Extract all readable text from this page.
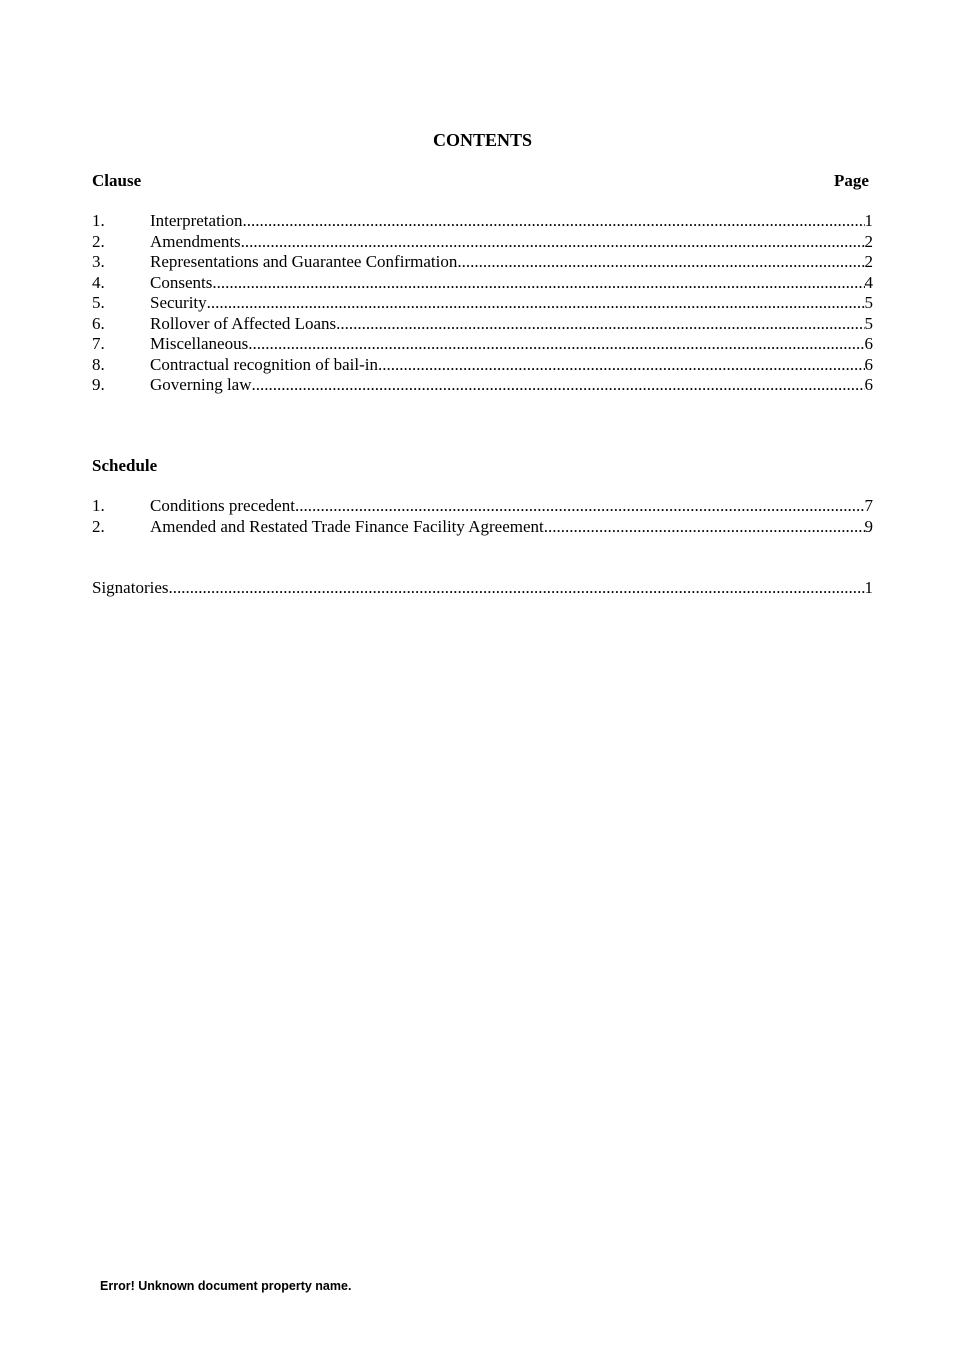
CONTENTS
Clause	Page
1.	Interpretation .....	1
2.	Amendments .....	2
3.	Representations and Guarantee Confirmation .....	2
4.	Consents .....	4
5.	Security .....	5
6.	Rollover of Affected Loans .....	5
7.	Miscellaneous .....	6
8.	Contractual recognition of bail-in .....	6
9.	Governing law .....	6
Schedule
1.	Conditions precedent .....	7
2.	Amended and Restated Trade Finance Facility Agreement .....	9
Signatories .....	1
Error! Unknown document property name.
